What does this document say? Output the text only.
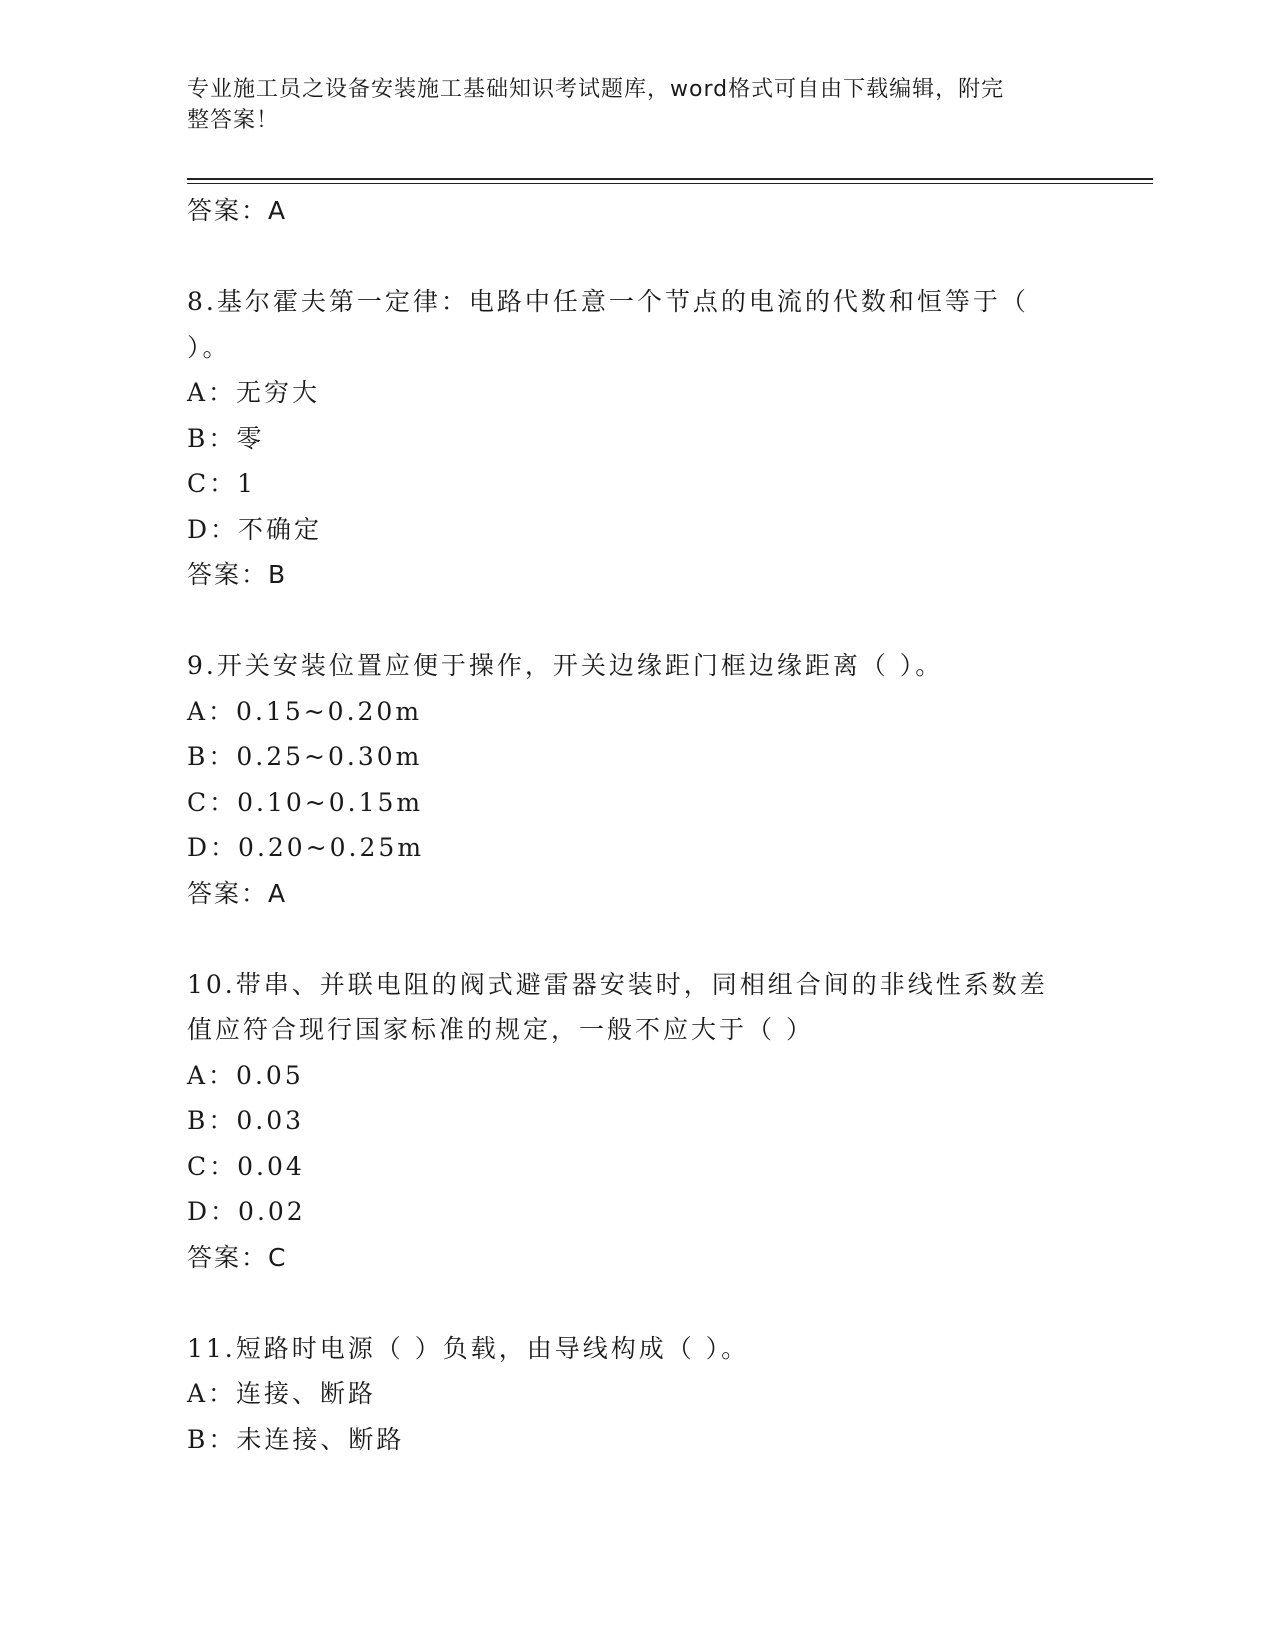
专业施工员之设备安装施工基础知识考试题库，word格式可自由下载编辑，附完
整答案！
答案：A
8.基尔霍夫第一定律：电路中任意一个节点的电流的代数和恒等于（
）。
A：无穷大
B：零
C：1
D：不确定
答案：B
9.开关安装位置应便于操作，开关边缘距门框边缘距离（ ）。
A：0.15~0.20m
B：0.25~0.30m
C：0.10~0.15m
D：0.20~0.25m
答案：A
10.带串、并联电阻的阀式避雷器安装时，同相组合间的非线性系数差
值应符合现行国家标准的规定，一般不应大于（ ）
A：0.05
B：0.03
C：0.04
D：0.02
答案：C
11.短路时电源（ ）负载，由导线构成（ ）。
A：连接、断路
B：未连接、断路
